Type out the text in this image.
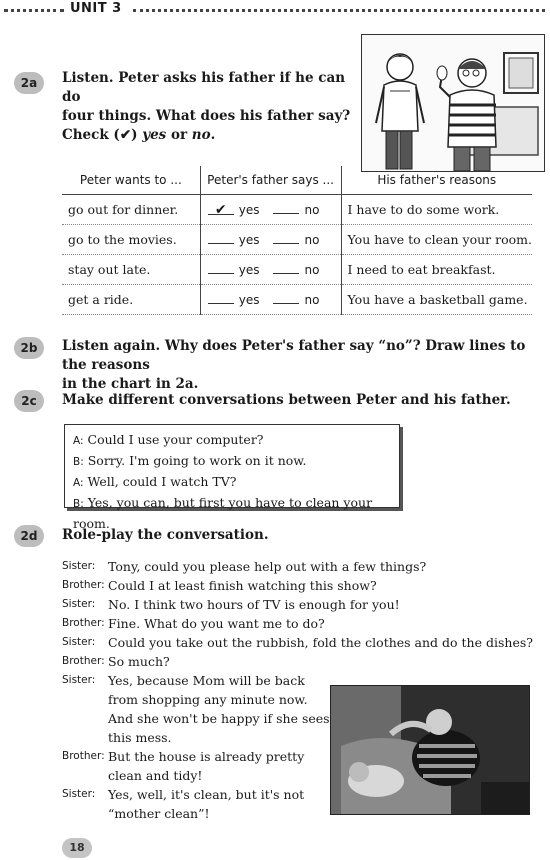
UNIT 3
2a	Listen. Peter asks his father if he can do
four things. What does his father say?
Check (✔) yes or no.
Peter wants to ...	Peter's father says ...	His father's reasons
go out for dinner.	✔ yes no	I have to do some work.
go to the movies.	yes no	You have to clean your room.
stay out late.	yes no	I need to eat breakfast.
get a ride.	yes no	You have a basketball game.
2b	Listen again. Why does Peter's father say “no”? Draw lines to the reasons
in the chart in 2a.
2c	Make different conversations between Peter and his father.
A: Could I use your computer?
B: Sorry. I'm going to work on it now.
A: Well, could I watch TV?
B: Yes, you can, but first you have to clean your room.
2d	Role-play the conversation.
Sister: Tony, could you please help out with a few things?
Brother: Could I at least finish watching this show?
Sister: No. I think two hours of TV is enough for you!
Brother: Fine. What do you want me to do?
Sister: Could you take out the rubbish, fold the clothes and do the dishes?
Brother: So much?
Sister: Yes, because Mom will be back
from shopping any minute now.
And she won't be happy if she sees
this mess.
Brother: But the house is already pretty
clean and tidy!
Sister: Yes, well, it's clean, but it's not
“mother clean”!
18
